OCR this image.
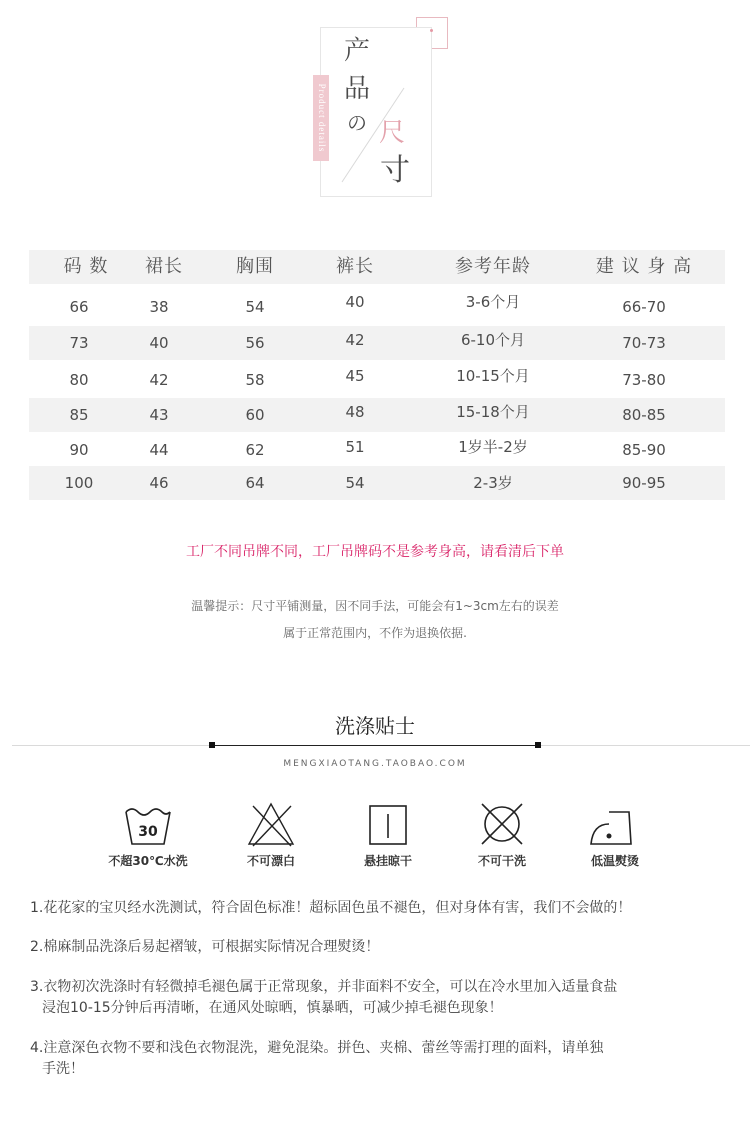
Product details
产
品
の 尺
寸
码 数	裙长	胸围	裤长	参考年龄	建 议 身 高
66	38	54	40	3-6个月	66-70
73	40	56	42	6-10个月	70-73
80	42	58	45	10-15个月	73-80
85	43	60	48	15-18个月	80-85
90	44	62	51	1岁半-2岁	85-90
100	46	64	54	2-3岁	90-95
工厂不同吊牌不同，工厂吊牌码不是参考身高，请看清后下单
温馨提示：尺寸平铺测量，因不同手法，可能会有1~3cm左右的误差
属于正常范围内，不作为退换依据.
洗涤贴士
MENGXIAOTANG.TAOBAO.COM
30
不超30℃水洗	不可漂白	悬挂晾干	不可干洗	低温熨烫
1.花花家的宝贝经水洗测试，符合固色标准！超标固色虽不褪色，但对身体有害，我们不会做的！
2.棉麻制品洗涤后易起褶皱，可根据实际情况合理熨烫！
3.衣物初次洗涤时有轻微掉毛褪色属于正常现象，并非面料不安全，可以在冷水里加入适量食盐
浸泡10-15分钟后再清晰，在通风处晾晒，慎暴晒，可减少掉毛褪色现象！
4.注意深色衣物不要和浅色衣物混洗，避免混染。拼色、夹棉、蕾丝等需打理的面料，请单独
手洗！
